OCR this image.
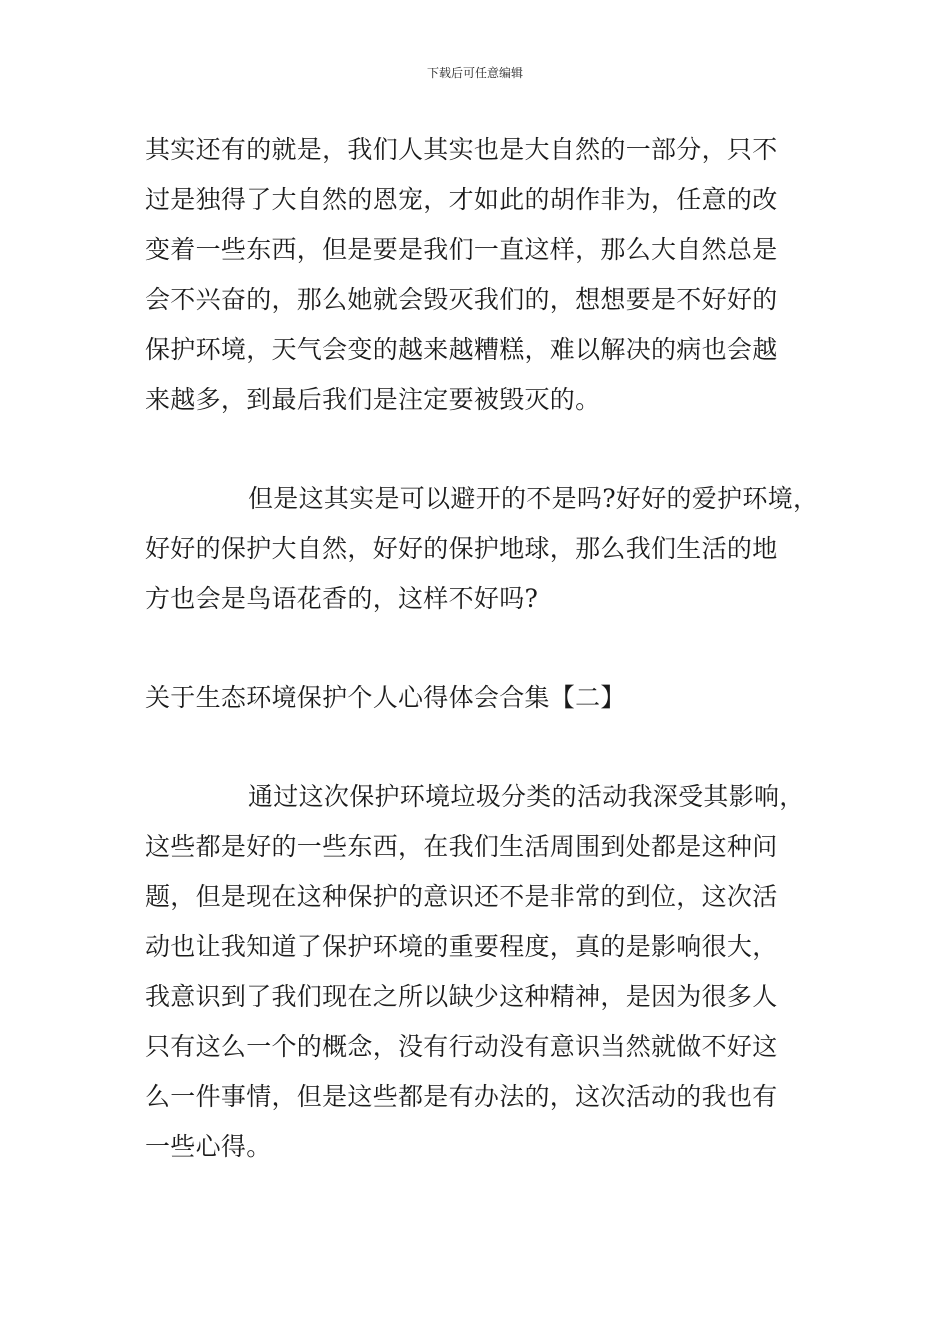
下载后可任意编辑
其实还有的就是，我们人其实也是大自然的一部分，只不
过是独得了大自然的恩宠，才如此的胡作非为，任意的改
变着一些东西，但是要是我们一直这样，那么大自然总是
会不兴奋的，那么她就会毁灭我们的，想想要是不好好的
保护环境，天气会变的越来越糟糕，难以解决的病也会越
来越多，到最后我们是注定要被毁灭的。
但是这其实是可以避开的不是吗?好好的爱护环境，
好好的保护大自然，好好的保护地球，那么我们生活的地
方也会是鸟语花香的，这样不好吗?
关于生态环境保护个人心得体会合集【二】
通过这次保护环境垃圾分类的活动我深受其影响，
这些都是好的一些东西，在我们生活周围到处都是这种问
题，但是现在这种保护的意识还不是非常的到位，这次活
动也让我知道了保护环境的重要程度，真的是影响很大，
我意识到了我们现在之所以缺少这种精神，是因为很多人
只有这么一个的概念，没有行动没有意识当然就做不好这
么一件事情，但是这些都是有办法的，这次活动的我也有
一些心得。
